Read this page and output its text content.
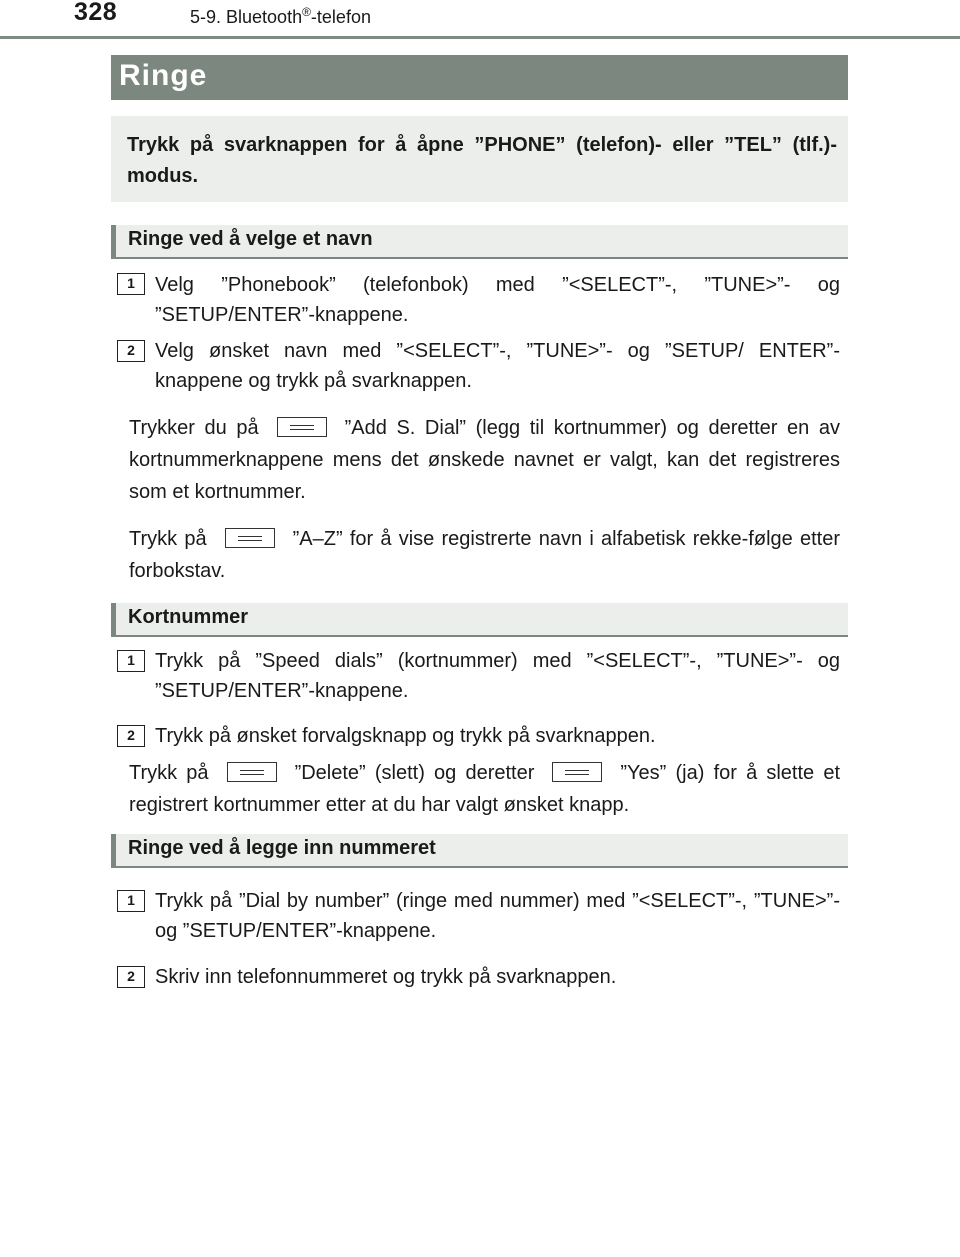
328	5-9. Bluetooth®-telefon
Ringe

Trykk på svarknappen for å åpne ”PHONE” (telefon)- eller ”TEL” (tlf.)-modus.

Ringe ved å velge et navn
1	Velg ”Phonebook” (telefonbok) med ”<SELECT”-, ”TUNE>”- og ”SETUP/ENTER”-knappene.

2	Velg ønsket navn med ”<SELECT”-, ”TUNE>”- og ”SETUP/ ENTER”-knappene og trykk på svarknappen.

Trykker du på	”Add S. Dial” (legg til kortnummer) og deretter en av kortnummerknappene mens det ønskede navnet er valgt, kan det registreres som et kortnummer.

Trykk på	”A–Z” for å vise registrerte navn i alfabetisk rekke-følge etter forbokstav.

Kortnummer
1	Trykk på ”Speed dials” (kortnummer) med ”<SELECT”-, ”TUNE>”- og ”SETUP/ENTER”-knappene.

2	Trykk på ønsket forvalgsknapp og trykk på svarknappen.

Trykk på	”Delete” (slett) og deretter	”Yes” (ja) for å slette et registrert kortnummer etter at du har valgt ønsket knapp.

Ringe ved å legge inn nummeret
1	Trykk på ”Dial by number” (ringe med nummer) med ”<SELECT”-, ”TUNE>”- og ”SETUP/ENTER”-knappene.

2	Skriv inn telefonnummeret og trykk på svarknappen.
